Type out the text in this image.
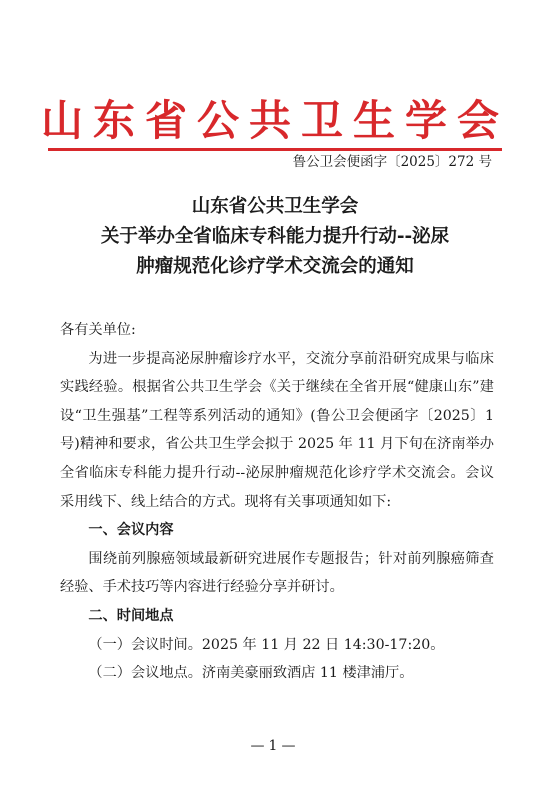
山东省公共卫生学会
鲁公卫会便函字〔2025〕272 号
山东省公共卫生学会
关于举办全省临床专科能力提升行动--泌尿
肿瘤规范化诊疗学术交流会的通知

各有关单位:

为进一步提高泌尿肿瘤诊疗水平，交流分享前沿研究成果与临床实践经验。根据省公共卫生学会《关于继续在全省开展“健康山东”建设“卫生强基”工程等系列活动的通知》(鲁公卫会便函字〔2025〕1 号)精神和要求，省公共卫生学会拟于 2025 年 11 月下旬在济南举办全省临床专科能力提升行动--泌尿肿瘤规范化诊疗学术交流会。会议采用线下、线上结合的方式。现将有关事项通知如下:

一、会议内容

围绕前列腺癌领域最新研究进展作专题报告；针对前列腺癌筛查经验、手术技巧等内容进行经验分享并研讨。

二、时间地点

（一）会议时间。2025 年 11 月 22 日 14:30-17:20。

（二）会议地点。济南美豪丽致酒店 11 楼津浦厅。

—1—
